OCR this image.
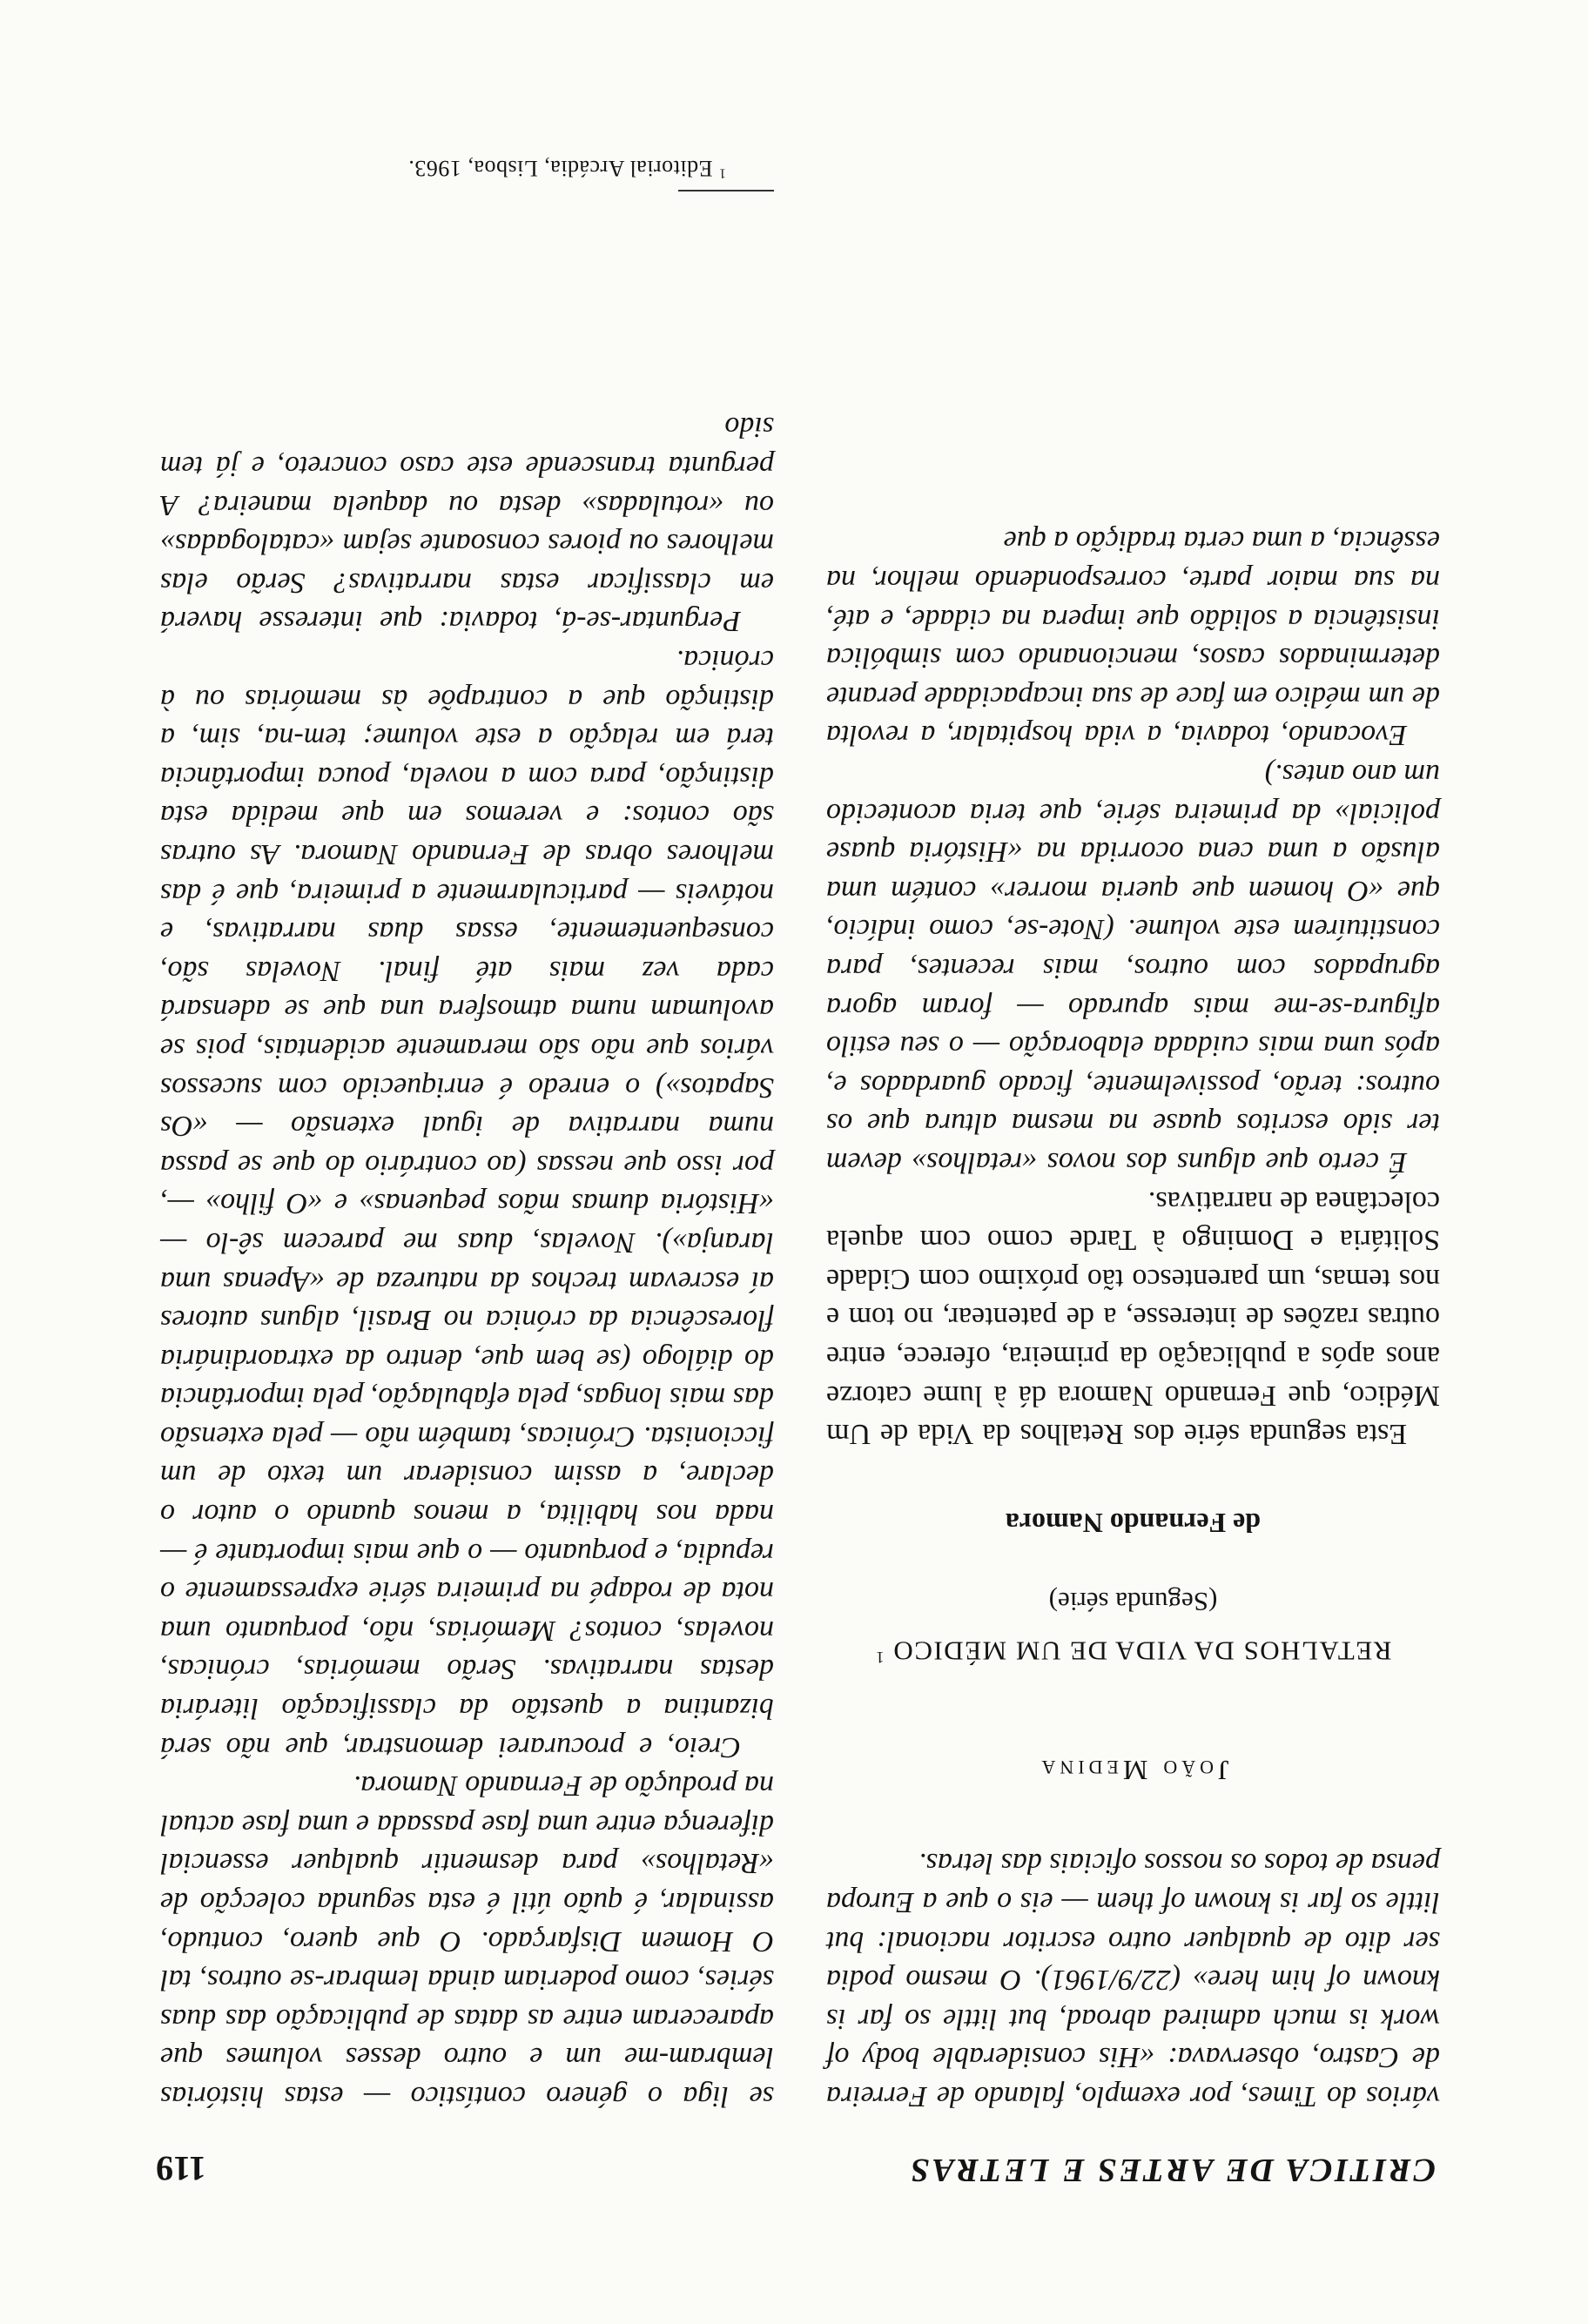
CRITICA DE ARTES E LETRAS
119

vários do Times, por exemplo, falando de Ferreira de Castro, observava: «His considerable body of work is much admired abroad, but little so far is known of him here» (22/9/1961). O mesmo podia ser dito de qualquer outro escritor nacional: but little so far is known of them — eis o que a Europa pensa de todos os nossos oficiais das letras.

João Medina
RETALHOS DA VIDA DE UM MÉDICO $^1$
(Segunda série)
de Fernando Namora

Esta segunda série dos Retalhos da Vida de Um Médico, que Fernando Namora dá à lume catorze anos após a publicação da primeira, oferece, entre outras razões de interesse, a de patentear, no tom e nos temas, um parentesco tão próximo com Cidade Solitária e Domingo à Tarde como com aquela colectânea de narrativas.

É certo que alguns dos novos «retalhos» devem ter sido escritos quase na mesma altura que os outros: terão, possivelmente, ficado guardados e, após uma mais cuidada elaboração — o seu estilo afigura-se-me mais apurado — foram agora agrupados com outros, mais recentes, para constituírem este volume. (Note-se, como indício, que «O homem que queria morrer» contém uma alusão a uma cena ocorrida na «História quase policial» da primeira série, que teria acontecido um ano antes.)

Evocando, todavia, a vida hospitalar, a revolta de um médico em face de sua incapacidade perante determinados casos, mencionando com simbólica insistência a solidão que impera na cidade, e até, na sua maior parte, correspondendo melhor, na essência, a uma certa tradição a que

se liga o género contístico — estas histórias lembram-me um e outro desses volumes que apareceram entre as datas de publicação das duas séries, como poderiam ainda lembrar-se outros, tal O Homem Disfarçado. O que quero, contudo, assinalar, é quão útil é esta segunda colecção de «Retalhos» para desmentir qualquer essencial diferença entre uma fase passada e uma fase actual na produção de Fernando Namora.

Creio, e procurarei demonstrar, que não será bizantina a questão da classificação literária destas narrativas. Serão memórias, crónicas, novelas, contos? Memórias, não, porquanto uma nota de rodapé na primeira série expressamente o repudia, e porquanto — o que mais importante é — nada nos habilita, a menos quando o autor o declare, a assim considerar um texto de um ficcionista. Crónicas, também não — pela extensão das mais longas, pela efabulação, pela importância do diálogo (se bem que, dentro da extraordinária florescência da crónica no Brasil, alguns autores aí escrevam trechos da natureza de «Apenas uma laranja»). Novelas, duas me parecem sê-lo — «História dumas mãos pequenas» e «O filho» —, por isso que nessas (ao contrário do que se passa numa narrativa de igual extensão — «Os Sapatos») o enredo é enriquecido com sucessos vários que não são meramente acidentais, pois se avolumam numa atmosfera una que se adensará cada vez mais até final. Novelas são, consequentemente, essas duas narrativas, e notáveis — particularmente a primeira, que é das melhores obras de Fernando Namora. As outras são contos: e veremos em que medida esta distinção, para com a novela, pouca importância terá em relação a este volume; tem-na, sim, a distinção que a contrapõe às memórias ou à crónica.

Perguntar-se-á, todavia: que interesse haverá em classificar estas narrativas? Serão elas melhores ou piores consoante sejam «catalogadas» ou «rotuladas» desta ou daquela maneira? A pergunta transcende este caso concreto, e já tem sido

$^1$ Editorial Arcádia, Lisboa, 1963.
